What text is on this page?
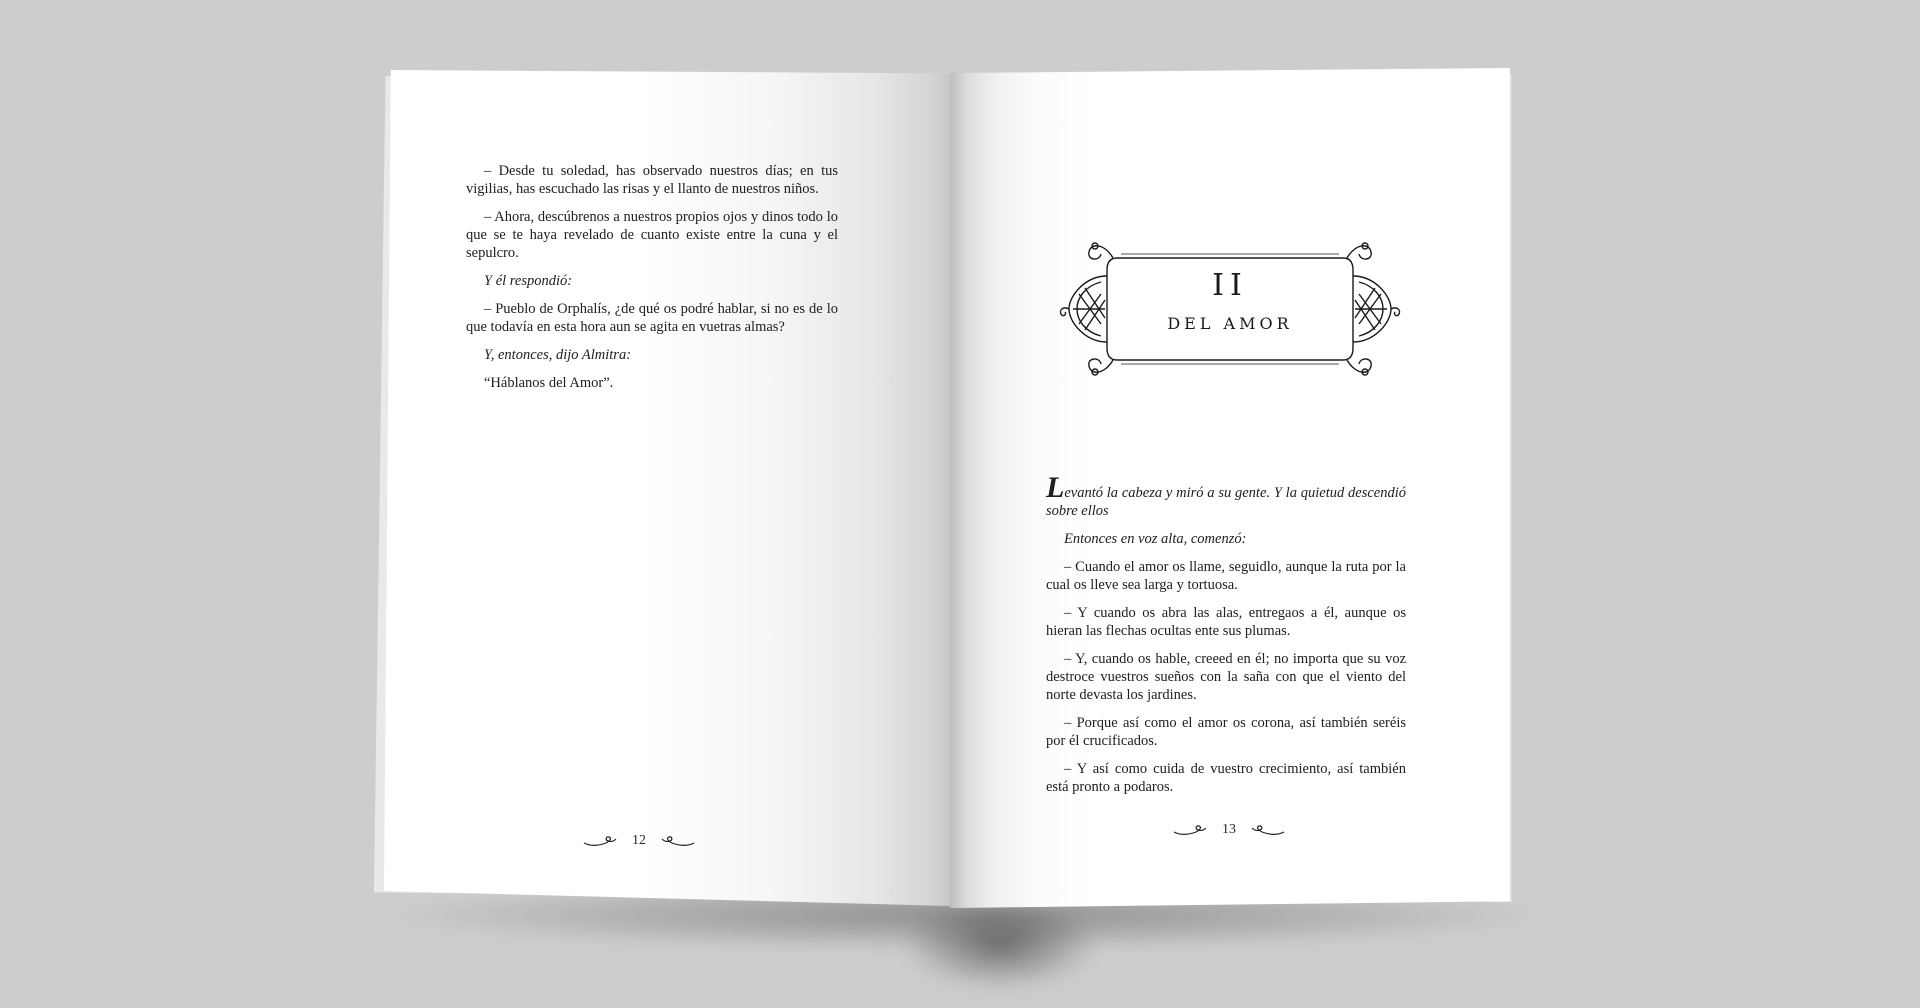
– Desde tu soledad, has observado nuestros días; en tus vigilias, has escuchado las risas y el llanto de nuestros niños.

– Ahora, descúbrenos a nuestros propios ojos y dinos todo lo que se te haya revelado de cuanto existe entre la cuna y el sepulcro.

Y él respondió:

– Pueblo de Orphalís, ¿de qué os podré hablar, si no es de lo que todavía en esta hora aun se agita en vuetras almas?

Y, entonces, dijo Almitra:

“Háblanos del Amor”.

12
II
DEL AMOR

Levantó la cabeza y miró a su gente. Y la quietud descendió sobre ellos

Entonces en voz alta, comenzó:

– Cuando el amor os llame, seguidlo, aunque la ruta por la cual os lleve sea larga y tortuosa.

– Y cuando os abra las alas, entregaos a él, aunque os hieran las flechas ocultas ente sus plumas.

– Y, cuando os hable, creeed en él; no importa que su voz destroce vuestros sueños con la saña con que el viento del norte devasta los jardines.

– Porque así como el amor os corona, así también seréis por él crucificados.

– Y así como cuida de vuestro crecimiento, así también está pronto a podaros.

13
